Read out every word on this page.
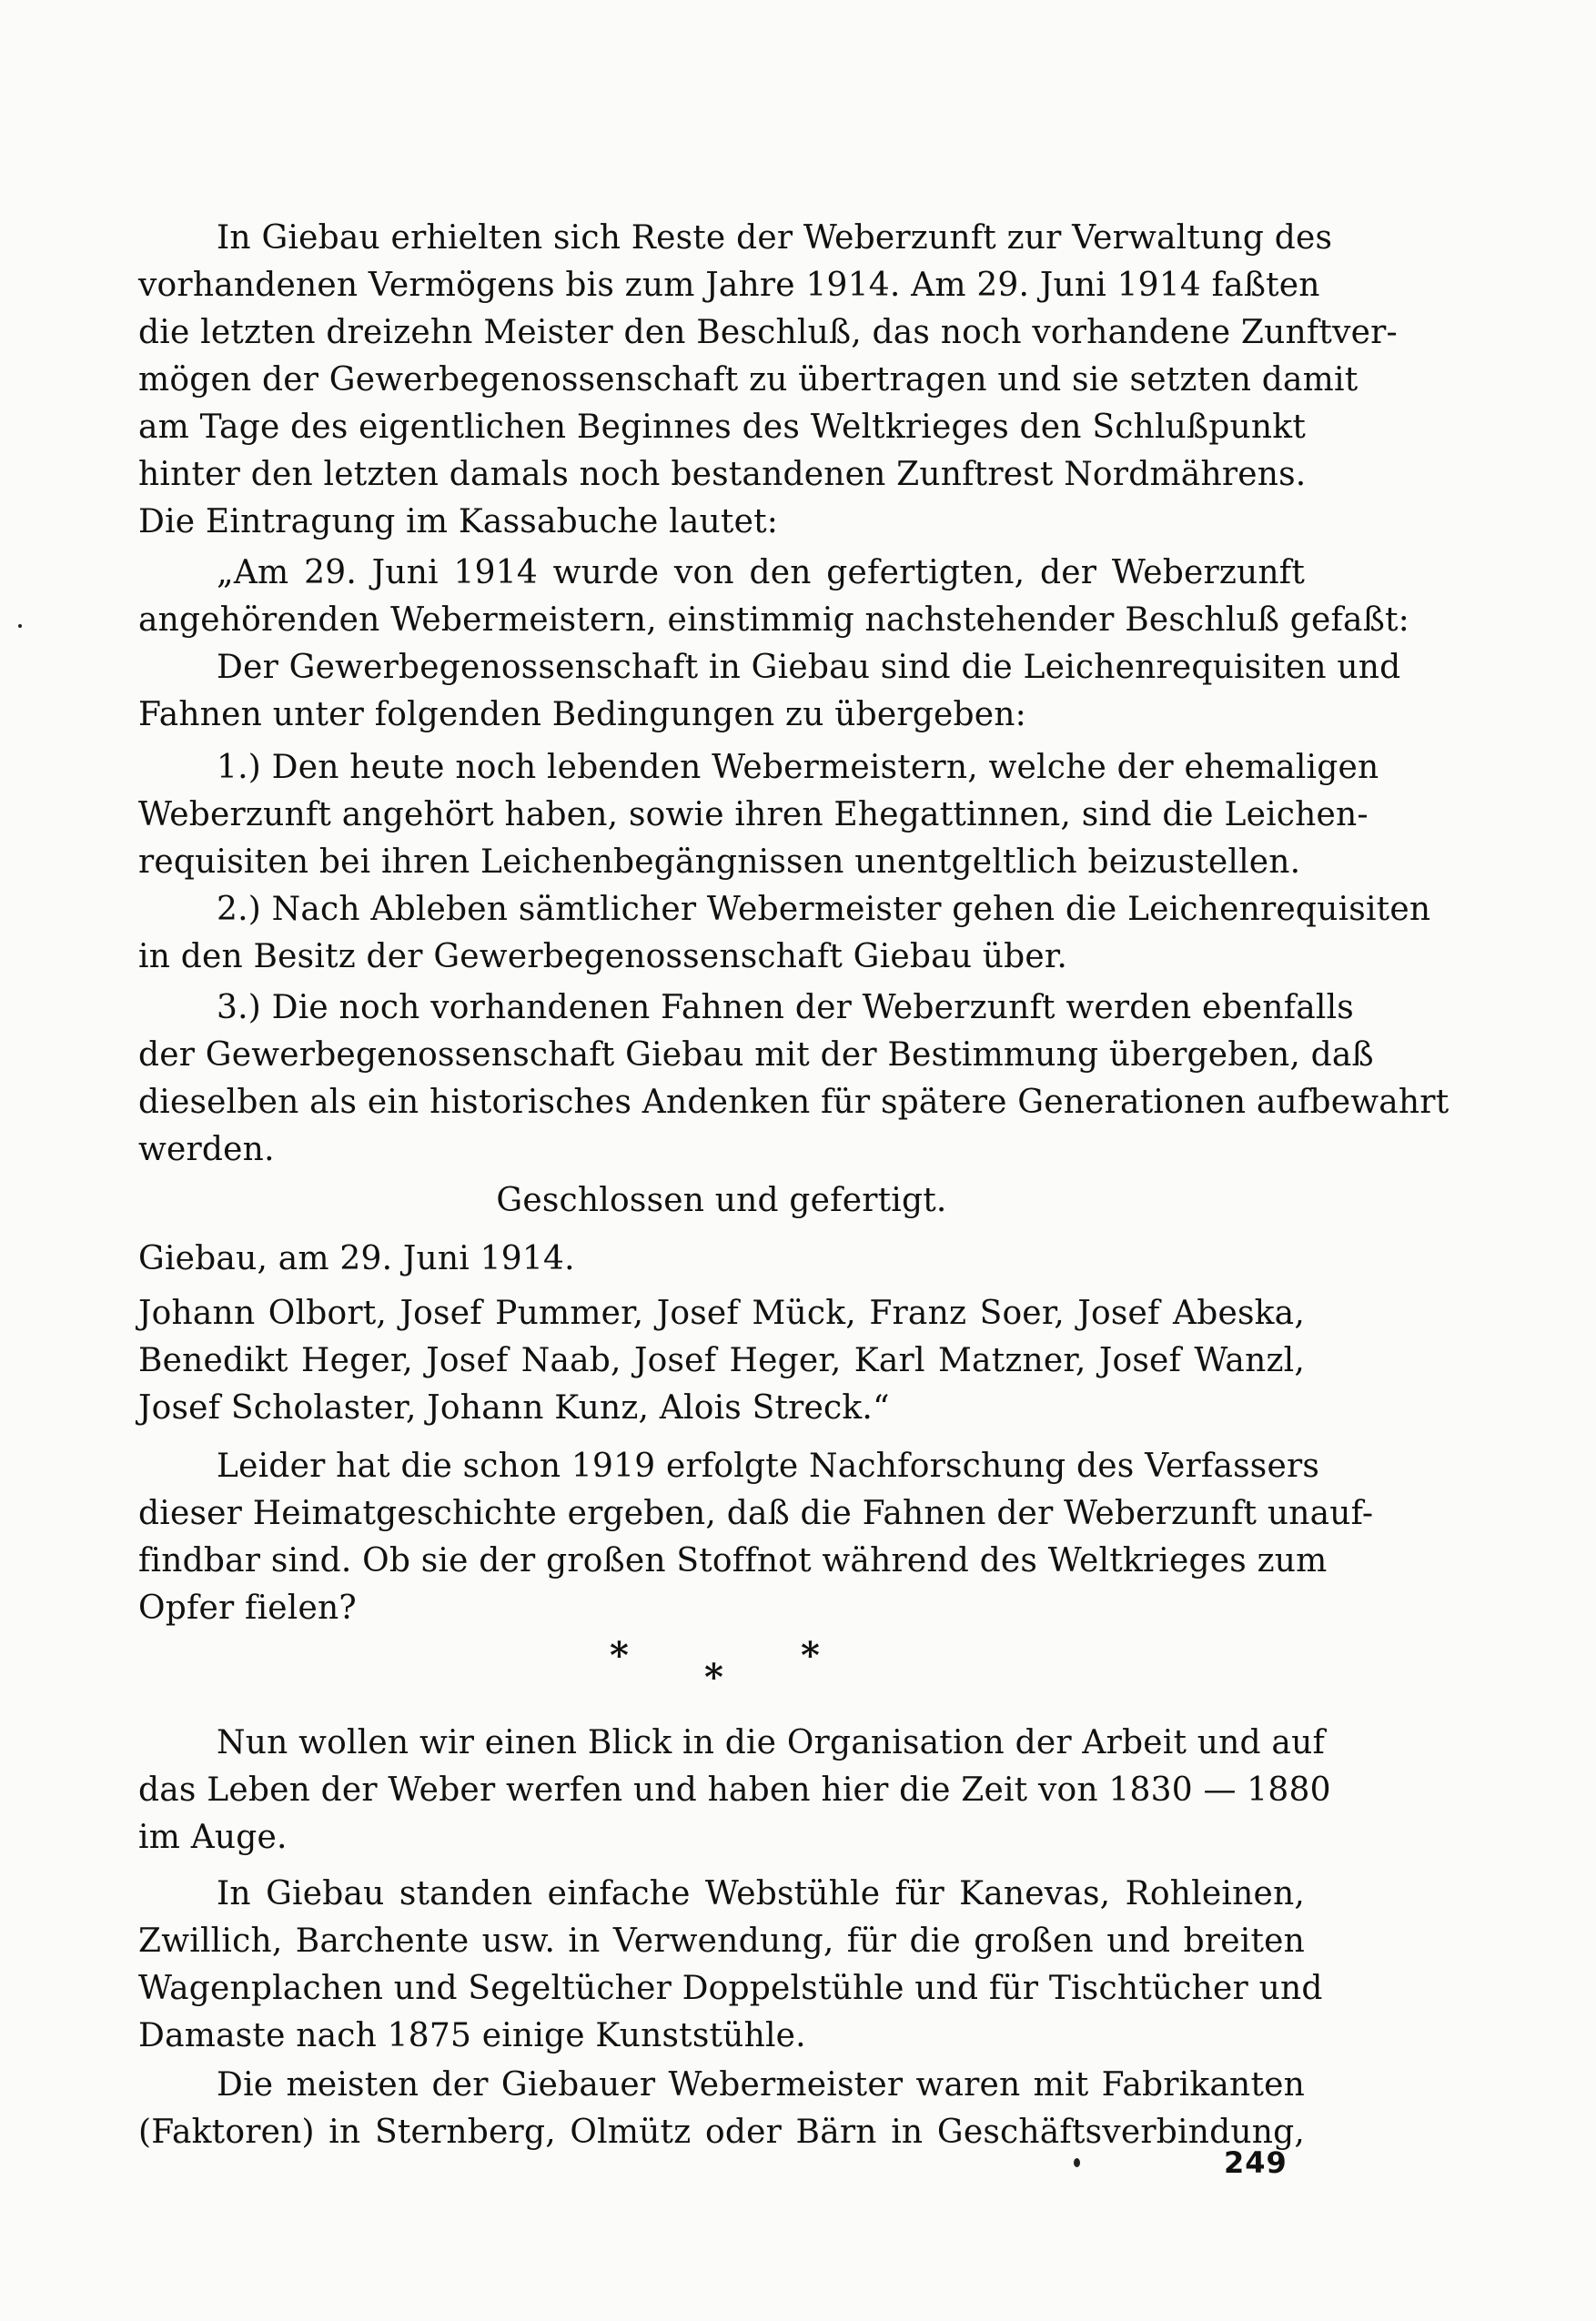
In Giebau erhielten sich Reste der Weberzunft zur Verwaltung des
vorhandenen Vermögens bis zum Jahre 1914. Am 29. Juni 1914 faßten
die letzten dreizehn Meister den Beschluß, das noch vorhandene Zunftver-
mögen der Gewerbegenossenschaft zu übertragen und sie setzten damit
am Tage des eigentlichen Beginnes des Weltkrieges den Schlußpunkt
hinter den letzten damals noch bestandenen Zunftrest Nordmährens.
Die Eintragung im Kassabuche lautet:
„Am 29. Juni 1914 wurde von den gefertigten, der Weberzunft
angehörenden Webermeistern, einstimmig nachstehender Beschluß gefaßt:
Der Gewerbegenossenschaft in Giebau sind die Leichenrequisiten und
Fahnen unter folgenden Bedingungen zu übergeben:
1.) Den heute noch lebenden Webermeistern, welche der ehemaligen
Weberzunft angehört haben, sowie ihren Ehegattinnen, sind die Leichen-
requisiten bei ihren Leichenbegängnissen unentgeltlich beizustellen.
2.) Nach Ableben sämtlicher Webermeister gehen die Leichenrequisiten
in den Besitz der Gewerbegenossenschaft Giebau über.
3.) Die noch vorhandenen Fahnen der Weberzunft werden ebenfalls
der Gewerbegenossenschaft Giebau mit der Bestimmung übergeben, daß
dieselben als ein historisches Andenken für spätere Generationen aufbewahrt
werden.
Geschlossen und gefertigt.
Giebau, am 29. Juni 1914.
Johann Olbort, Josef Pummer, Josef Mück, Franz Soer, Josef Abeska,
Benedikt Heger, Josef Naab, Josef Heger, Karl Matzner, Josef Wanzl,
Josef Scholaster, Johann Kunz, Alois Streck.“
Leider hat die schon 1919 erfolgte Nachforschung des Verfassers
dieser Heimatgeschichte ergeben, daß die Fahnen der Weberzunft unauf-
findbar sind. Ob sie der großen Stoffnot während des Weltkrieges zum
Opfer fielen?
*
*
*
Nun wollen wir einen Blick in die Organisation der Arbeit und auf
das Leben der Weber werfen und haben hier die Zeit von 1830 — 1880
im Auge.
In Giebau standen einfache Webstühle für Kanevas, Rohleinen,
Zwillich, Barchente usw. in Verwendung, für die großen und breiten
Wagenplachen und Segeltücher Doppelstühle und für Tischtücher und
Damaste nach 1875 einige Kunststühle.
Die meisten der Giebauer Webermeister waren mit Fabrikanten
(Faktoren) in Sternberg, Olmütz oder Bärn in Geschäftsverbindung,
249
